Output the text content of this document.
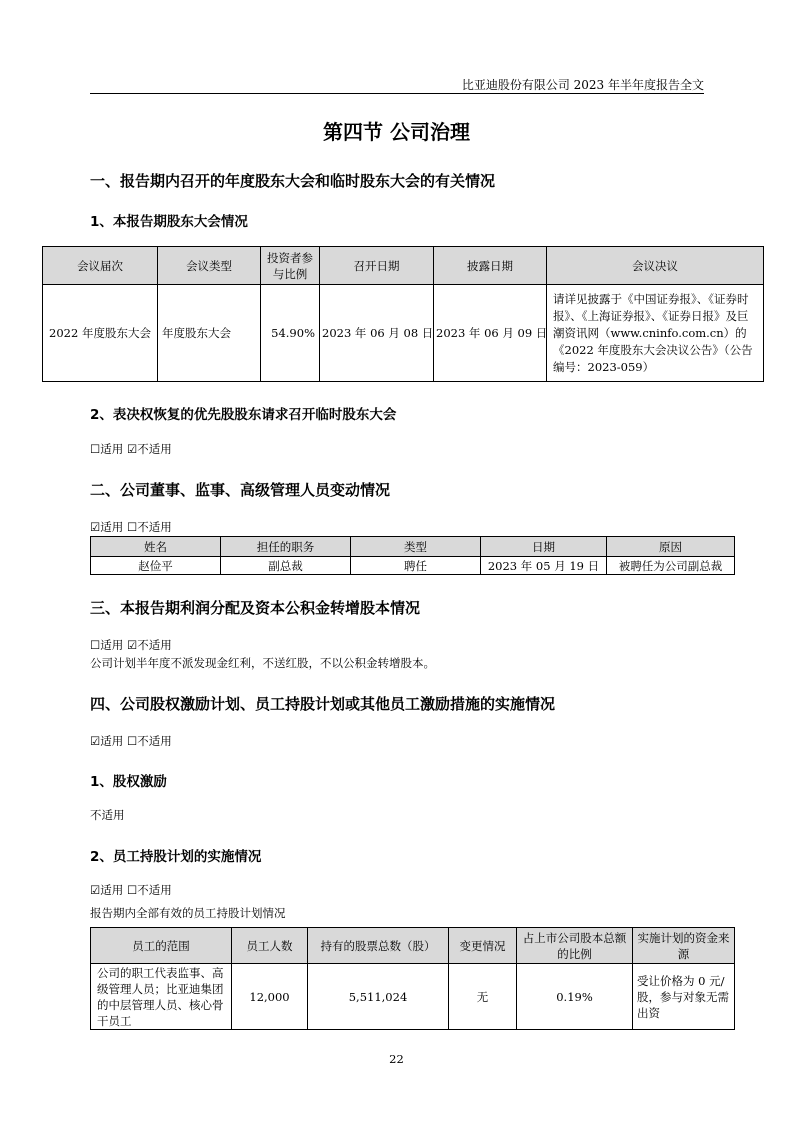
比亚迪股份有限公司 2023 年半年度报告全文
第四节 公司治理
一、报告期内召开的年度股东大会和临时股东大会的有关情况
1、本报告期股东大会情况
会议届次	会议类型	投资者参与比例	召开日期	披露日期	会议决议
2022 年度股东大会	年度股东大会	54.90%	2023 年 06 月 08 日	2023 年 06 月 09 日	请详见披露于《中国证券报》、《证券时报》、《上海证券报》、《证券日报》及巨潮资讯网（www.cninfo.com.cn）的《2022 年度股东大会决议公告》（公告编号：2023-059）
2、表决权恢复的优先股股东请求召开临时股东大会
☐适用 ☑不适用
二、公司董事、监事、高级管理人员变动情况
☑适用 ☐不适用
姓名	担任的职务	类型	日期	原因
赵俭平	副总裁	聘任	2023 年 05 月 19 日	被聘任为公司副总裁
三、本报告期利润分配及资本公积金转增股本情况
☐适用 ☑不适用
公司计划半年度不派发现金红利，不送红股，不以公积金转增股本。
四、公司股权激励计划、员工持股计划或其他员工激励措施的实施情况
☑适用 ☐不适用
1、股权激励
不适用
2、员工持股计划的实施情况
☑适用 ☐不适用
报告期内全部有效的员工持股计划情况
员工的范围	员工人数	持有的股票总数（股）	变更情况	占上市公司股本总额的比例	实施计划的资金来源
公司的职工代表监事、高级管理人员；比亚迪集团的中层管理人员、核心骨干员工	12,000	5,511,024	无	0.19%	受让价格为 0 元/股，参与对象无需出资
22
